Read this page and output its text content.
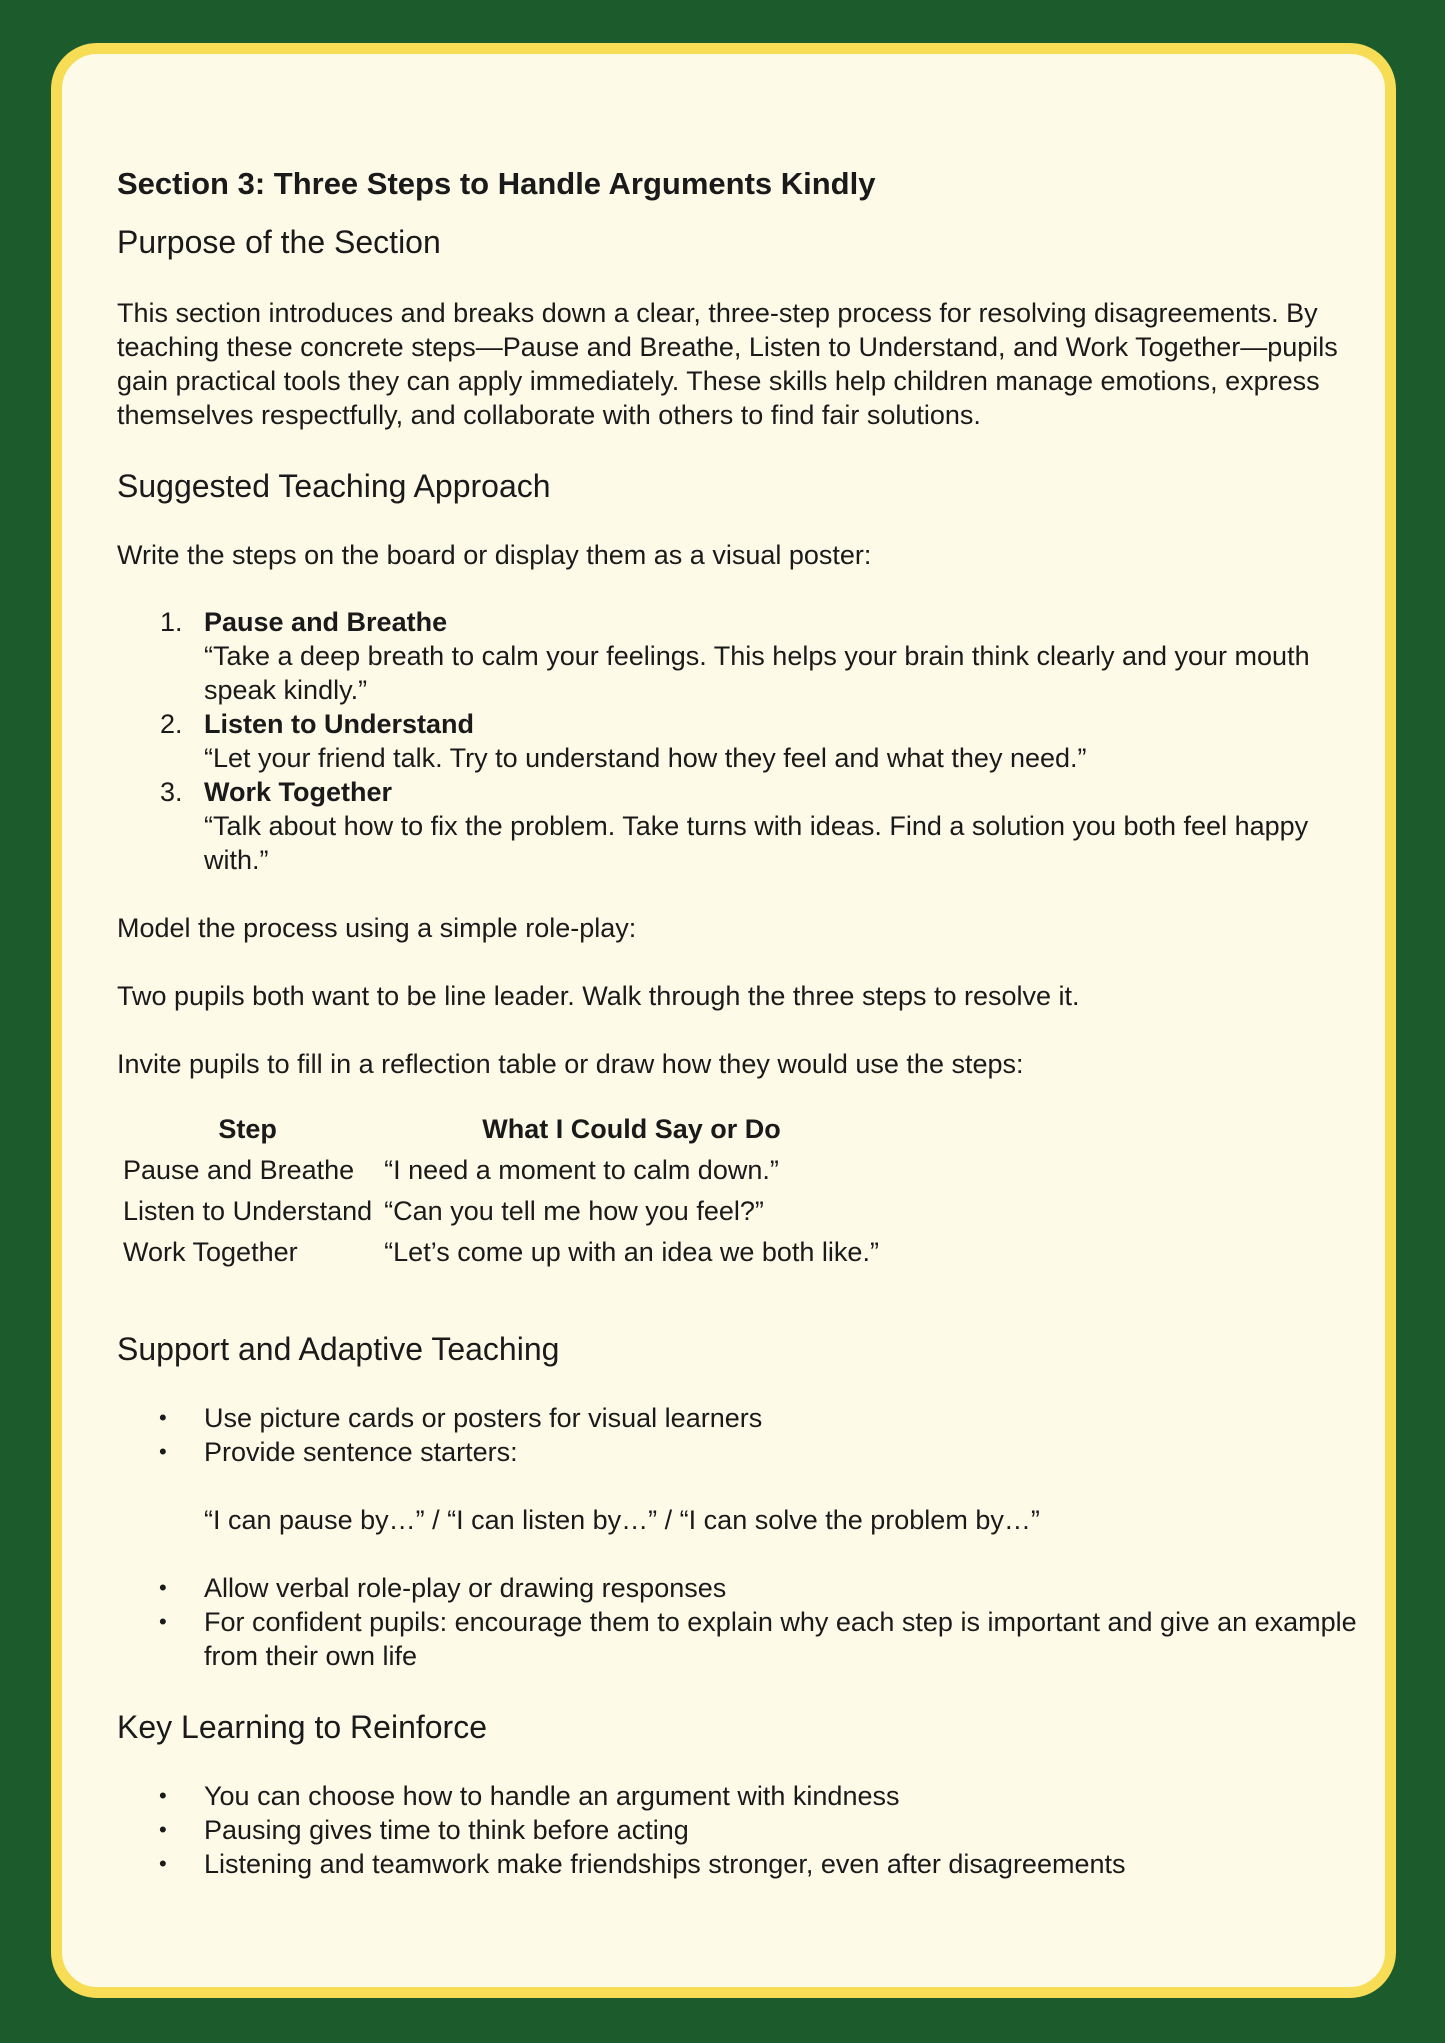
Section 3: Three Steps to Handle Arguments Kindly
Purpose of the Section

This section introduces and breaks down a clear, three-step process for resolving disagreements. By teaching these concrete steps—Pause and Breathe, Listen to Understand, and Work Together—pupils gain practical tools they can apply immediately. These skills help children manage emotions, express themselves respectfully, and collaborate with others to find fair solutions.

Suggested Teaching Approach

Write the steps on the board or display them as a visual poster:

1. Pause and Breathe
“Take a deep breath to calm your feelings. This helps your brain think clearly and your mouth speak kindly.”
2. Listen to Understand
“Let your friend talk. Try to understand how they feel and what they need.”
3. Work Together
“Talk about how to fix the problem. Take turns with ideas. Find a solution you both feel happy with.”

Model the process using a simple role-play:

Two pupils both want to be line leader. Walk through the three steps to resolve it.

Invite pupils to fill in a reflection table or draw how they would use the steps:

Step	What I Could Say or Do
Pause and Breathe	“I need a moment to calm down.”
Listen to Understand	“Can you tell me how you feel?”
Work Together	“Let’s come up with an idea we both like.”
Support and Adaptive Teaching
• Use picture cards or posters for visual learners
• Provide sentence starters:

“I can pause by…” / “I can listen by…” / “I can solve the problem by…”

• Allow verbal role-play or drawing responses
• For confident pupils: encourage them to explain why each step is important and give an example from their own life
Key Learning to Reinforce
• You can choose how to handle an argument with kindness
• Pausing gives time to think before acting
• Listening and teamwork make friendships stronger, even after disagreements
